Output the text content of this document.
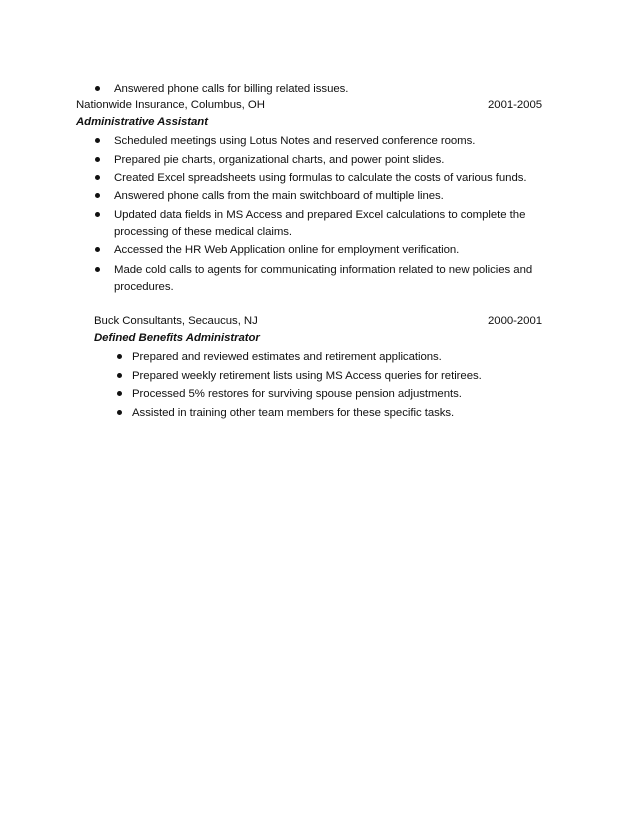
Answered phone calls for billing related issues.
Nationwide Insurance, Columbus, OH	2001-2005
Administrative Assistant
Scheduled meetings using Lotus Notes and reserved conference rooms.
Prepared pie charts, organizational charts, and power point slides.
Created Excel spreadsheets using formulas to calculate the costs of various funds.
Answered phone calls from the main switchboard of multiple lines.
Updated data fields in MS Access and prepared Excel calculations to complete the
processing of these medical claims.
Accessed the HR Web Application online for employment verification.
Made cold calls to agents for communicating information related to new policies and
procedures.
Buck Consultants, Secaucus, NJ	2000-2001
Defined Benefits Administrator
Prepared and reviewed estimates and retirement applications.
Prepared weekly retirement lists using MS Access queries for retirees.
Processed 5% restores for surviving spouse pension adjustments.
Assisted in training other team members for these specific tasks.
